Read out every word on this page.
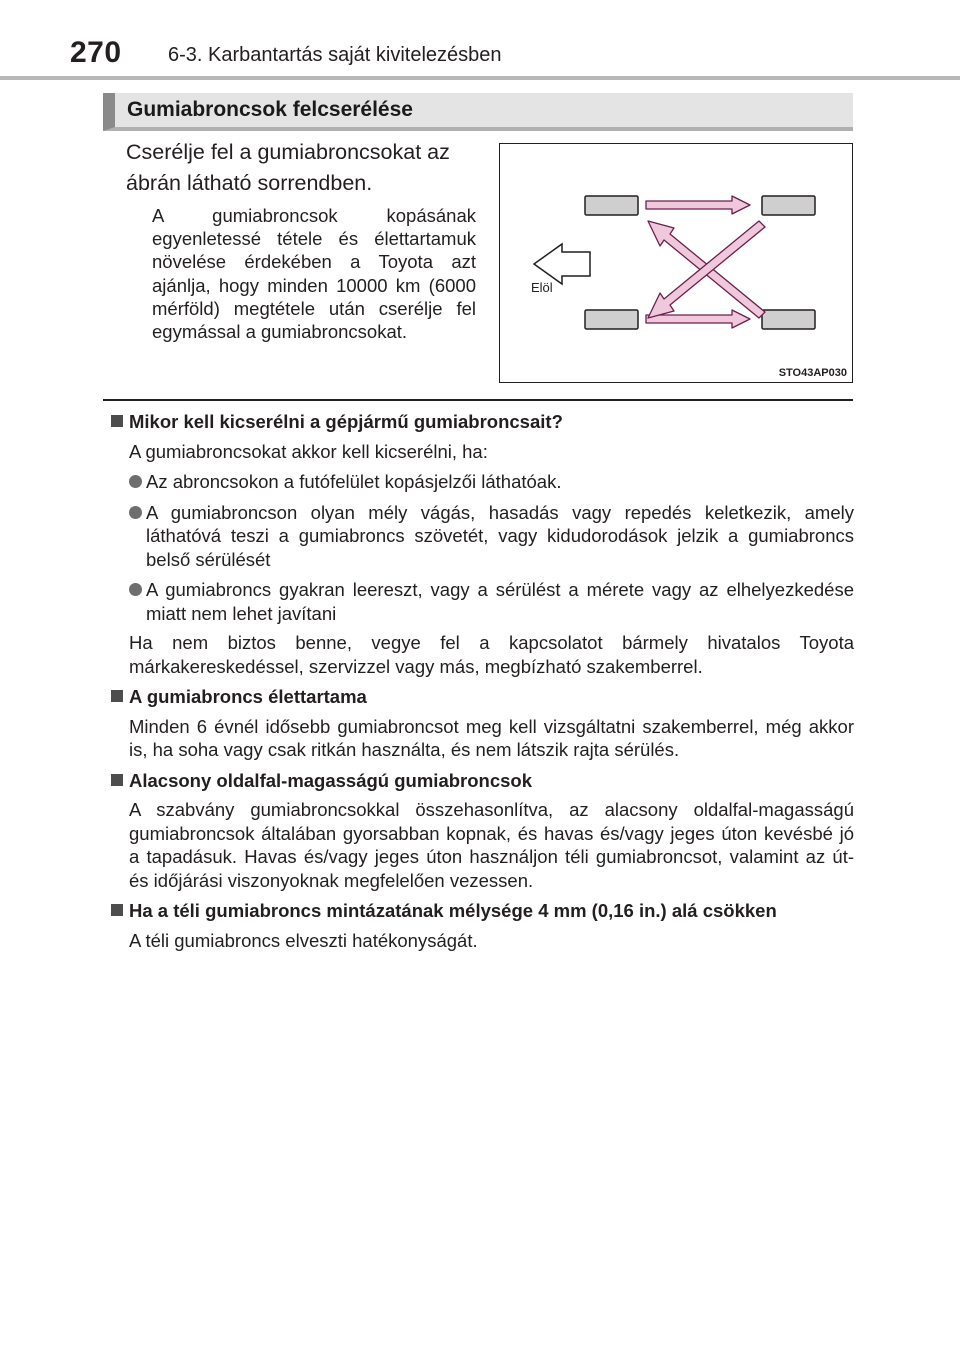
270 6-3. Karbantartás saját kivitelezésben
Gumiabroncsok felcserélése
Cserélje fel a gumiabroncsokat az ábrán látható sorrendben.
A gumiabroncsok kopásának egyenletessé tétele és élettartamuk növelése érdekében a Toyota azt ajánlja, hogy minden 10000 km (6000 mérföld) megtétele után cserélje fel egymással a gumiabroncsokat.
Elöl
STO43AP030
Mikor kell kicserélni a gépjármű gumiabroncsait?
A gumiabroncsokat akkor kell kicserélni, ha:
Az abroncsokon a futófelület kopásjelzői láthatóak.
A gumiabroncson olyan mély vágás, hasadás vagy repedés keletkezik, amely láthatóvá teszi a gumiabroncs szövetét, vagy kidudorodások jelzik a gumiabroncs belső sérülését
A gumiabroncs gyakran leereszt, vagy a sérülést a mérete vagy az elhelyezkedése miatt nem lehet javítani
Ha nem biztos benne, vegye fel a kapcsolatot bármely hivatalos Toyota márkakereskedéssel, szervizzel vagy más, megbízható szakemberrel.
A gumiabroncs élettartama
Minden 6 évnél idősebb gumiabroncsot meg kell vizsgáltatni szakemberrel, még akkor is, ha soha vagy csak ritkán használta, és nem látszik rajta sérülés.
Alacsony oldalfal-magasságú gumiabroncsok
A szabvány gumiabroncsokkal összehasonlítva, az alacsony oldalfal-magasságú gumiabroncsok általában gyorsabban kopnak, és havas és/vagy jeges úton kevésbé jó a tapadásuk. Havas és/vagy jeges úton használjon téli gumiabroncsot, valamint az út- és időjárási viszonyoknak megfelelően vezessen.
Ha a téli gumiabroncs mintázatának mélysége 4 mm (0,16 in.) alá csökken
A téli gumiabroncs elveszti hatékonyságát.
